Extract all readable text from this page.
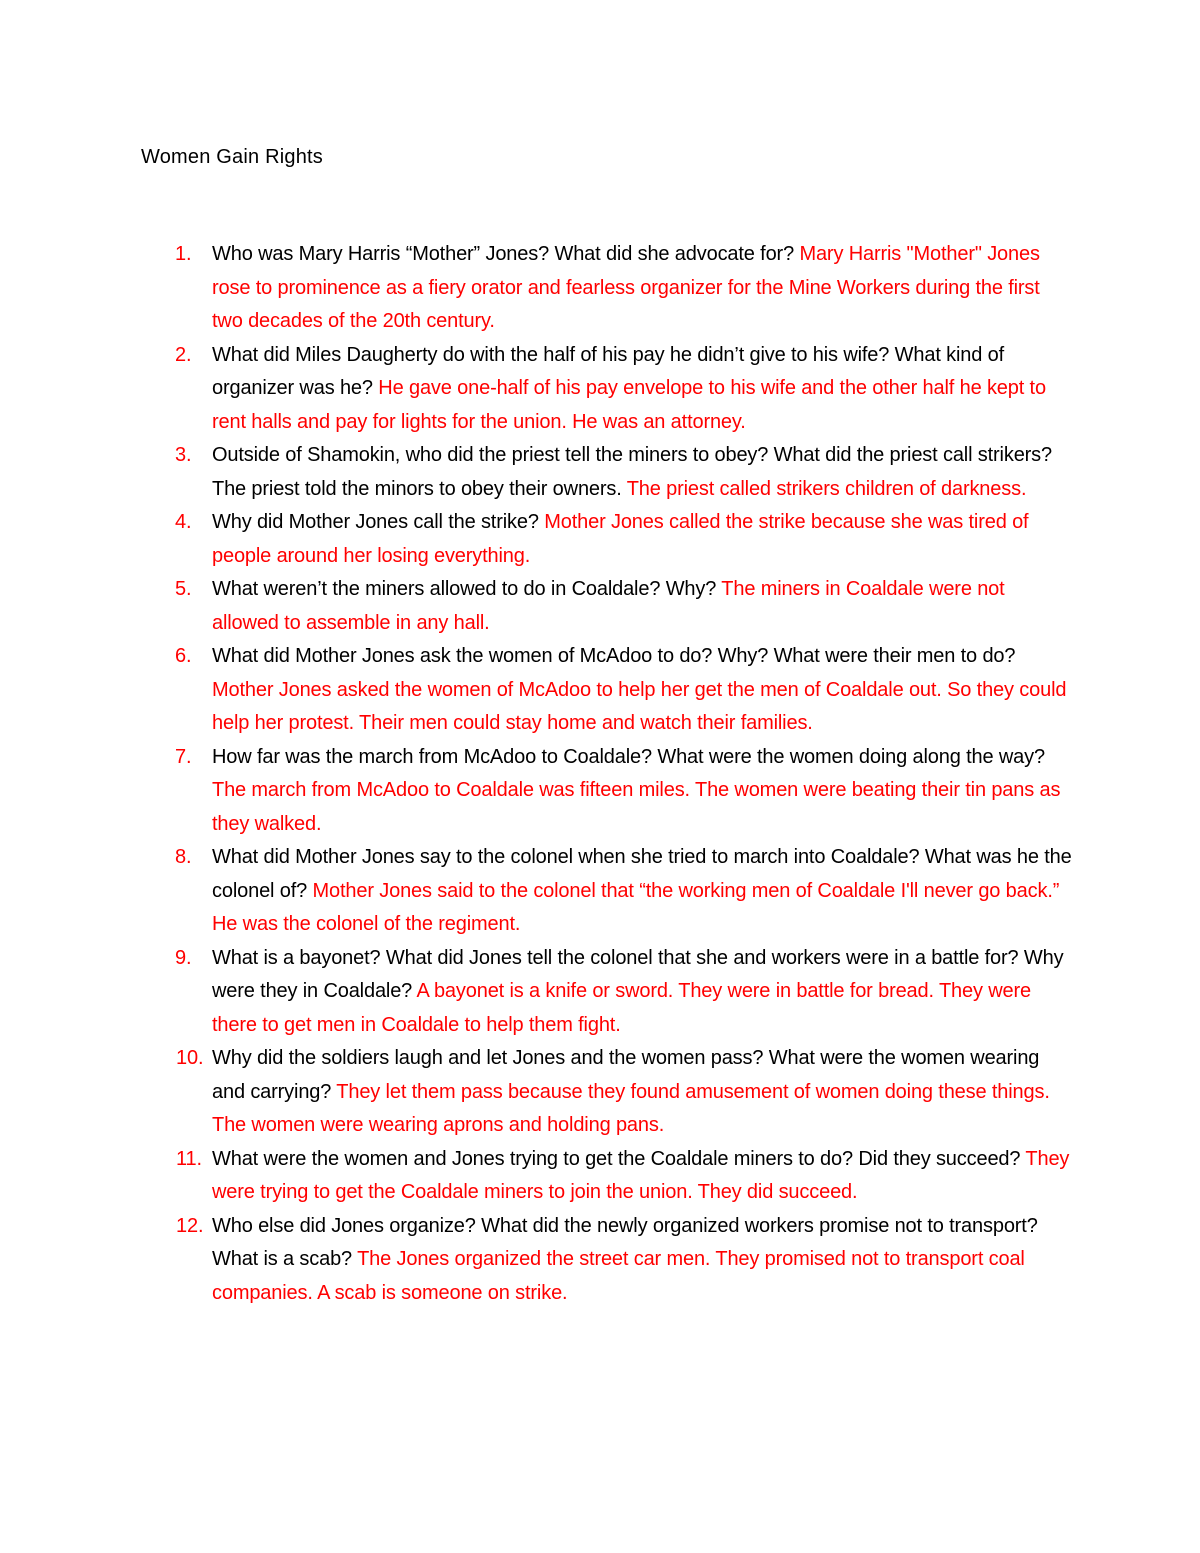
Women Gain Rights
1.	Who was Mary Harris “Mother” Jones? What did she advocate for? Mary Harris "Mother" Jones rose to prominence as a fiery orator and fearless organizer for the Mine Workers during the first two decades of the 20th century.
2.	What did Miles Daugherty do with the half of his pay he didn’t give to his wife? What kind of organizer was he? He gave one-half of his pay envelope to his wife and the other half he kept to rent halls and pay for lights for the union. He was an attorney.
3.	Outside of Shamokin, who did the priest tell the miners to obey? What did the priest call strikers? The priest told the minors to obey their owners. The priest called strikers children of darkness.
4.	Why did Mother Jones call the strike? Mother Jones called the strike because she was tired of people around her losing everything.
5.	What weren’t the miners allowed to do in Coaldale? Why? The miners in Coaldale were not allowed to assemble in any hall.
6.	What did Mother Jones ask the women of McAdoo to do? Why? What were their men to do? Mother Jones asked the women of McAdoo to help her get the men of Coaldale out. So they could help her protest. Their men could stay home and watch their families.
7.	How far was the march from McAdoo to Coaldale? What were the women doing along the way? The march from McAdoo to Coaldale was fifteen miles. The women were beating their tin pans as they walked.
8.	What did Mother Jones say to the colonel when she tried to march into Coaldale? What was he the colonel of? Mother Jones said to the colonel that “the working men of Coaldale I'll never go back.” He was the colonel of the regiment.
9.	What is a bayonet? What did Jones tell the colonel that she and workers were in a battle for? Why were they in Coaldale? A bayonet is a knife or sword. They were in battle for bread. They were there to get men in Coaldale to help them fight.
10. Why did the soldiers laugh and let Jones and the women pass? What were the women wearing and carrying? They let them pass because they found amusement of women doing these things. The women were wearing aprons and holding pans.
11. What were the women and Jones trying to get the Coaldale miners to do? Did they succeed? They were trying to get the Coaldale miners to join the union. They did succeed.
12. Who else did Jones organize? What did the newly organized workers promise not to transport? What is a scab? The Jones organized the street car men. They promised not to transport coal companies. A scab is someone on strike.
